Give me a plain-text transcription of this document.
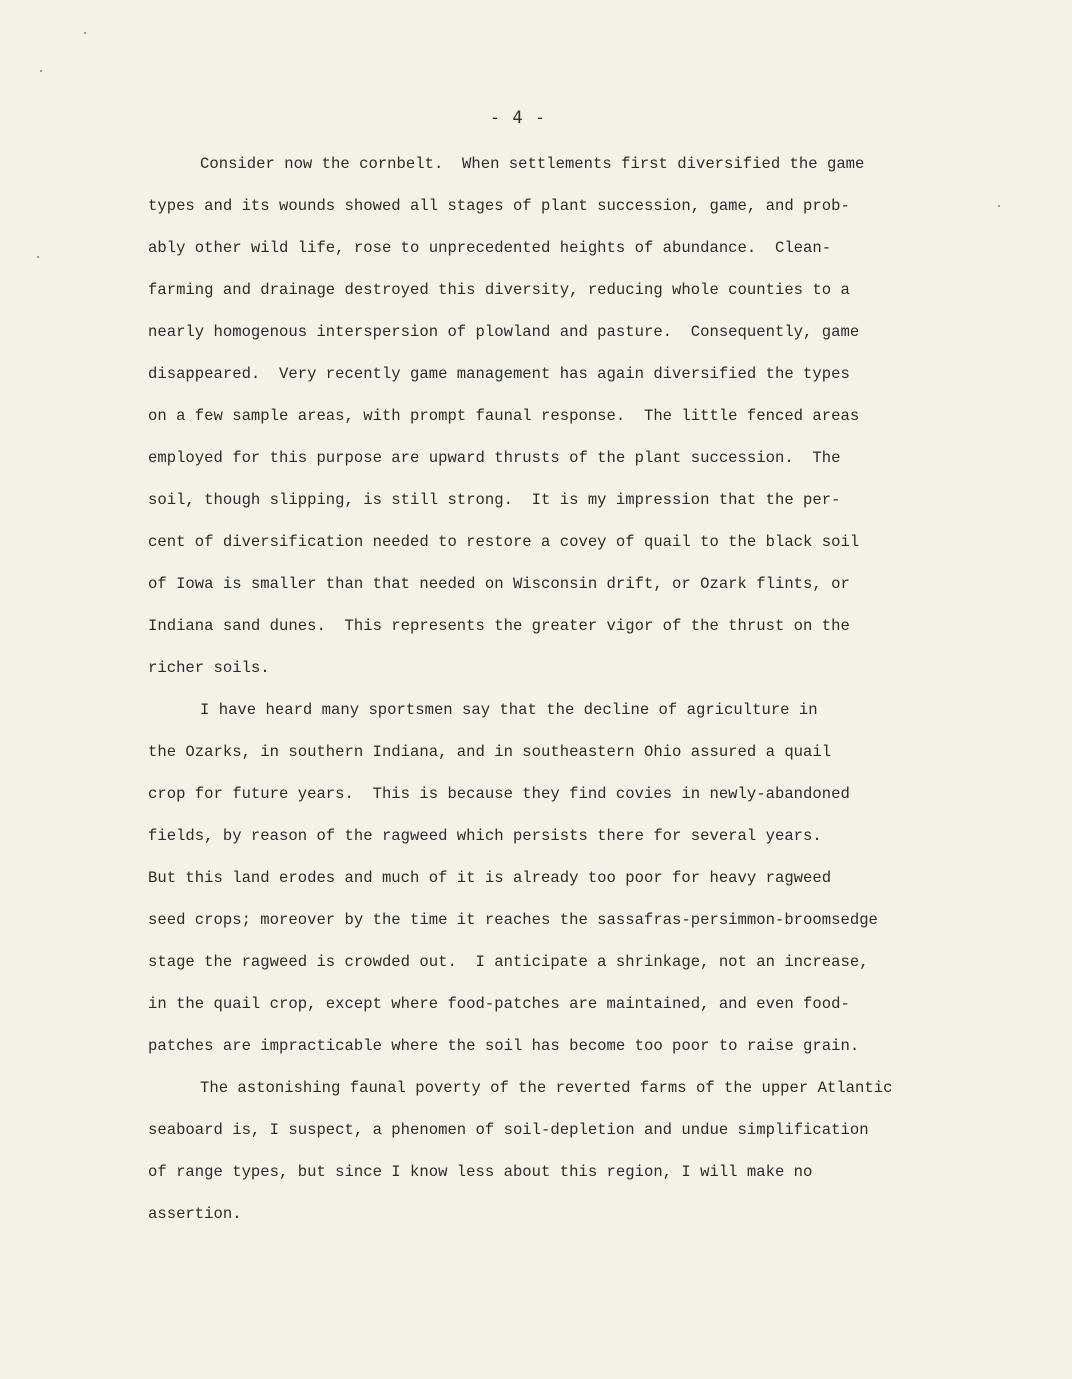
- 4 -
Consider now the cornbelt.  When settlements first diversified the game
types and its wounds showed all stages of plant succession, game, and prob-
ably other wild life, rose to unprecedented heights of abundance.  Clean-
farming and drainage destroyed this diversity, reducing whole counties to a
nearly homogenous interspersion of plowland and pasture.  Consequently, game
disappeared.  Very recently game management has again diversified the types
on a few sample areas, with prompt faunal response.  The little fenced areas
employed for this purpose are upward thrusts of the plant succession.  The
soil, though slipping, is still strong.  It is my impression that the per-
cent of diversification needed to restore a covey of quail to the black soil
of Iowa is smaller than that needed on Wisconsin drift, or Ozark flints, or
Indiana sand dunes.  This represents the greater vigor of the thrust on the
richer soils.
I have heard many sportsmen say that the decline of agriculture in
the Ozarks, in southern Indiana, and in southeastern Ohio assured a quail
crop for future years.  This is because they find covies in newly-abandoned
fields, by reason of the ragweed which persists there for several years.
But this land erodes and much of it is already too poor for heavy ragweed
seed crops; moreover by the time it reaches the sassafras-persimmon-broomsedge
stage the ragweed is crowded out.  I anticipate a shrinkage, not an increase,
in the quail crop, except where food-patches are maintained, and even food-
patches are impracticable where the soil has become too poor to raise grain.
The astonishing faunal poverty of the reverted farms of the upper Atlantic
seaboard is, I suspect, a phenomen of soil-depletion and undue simplification
of range types, but since I know less about this region, I will make no
assertion.
